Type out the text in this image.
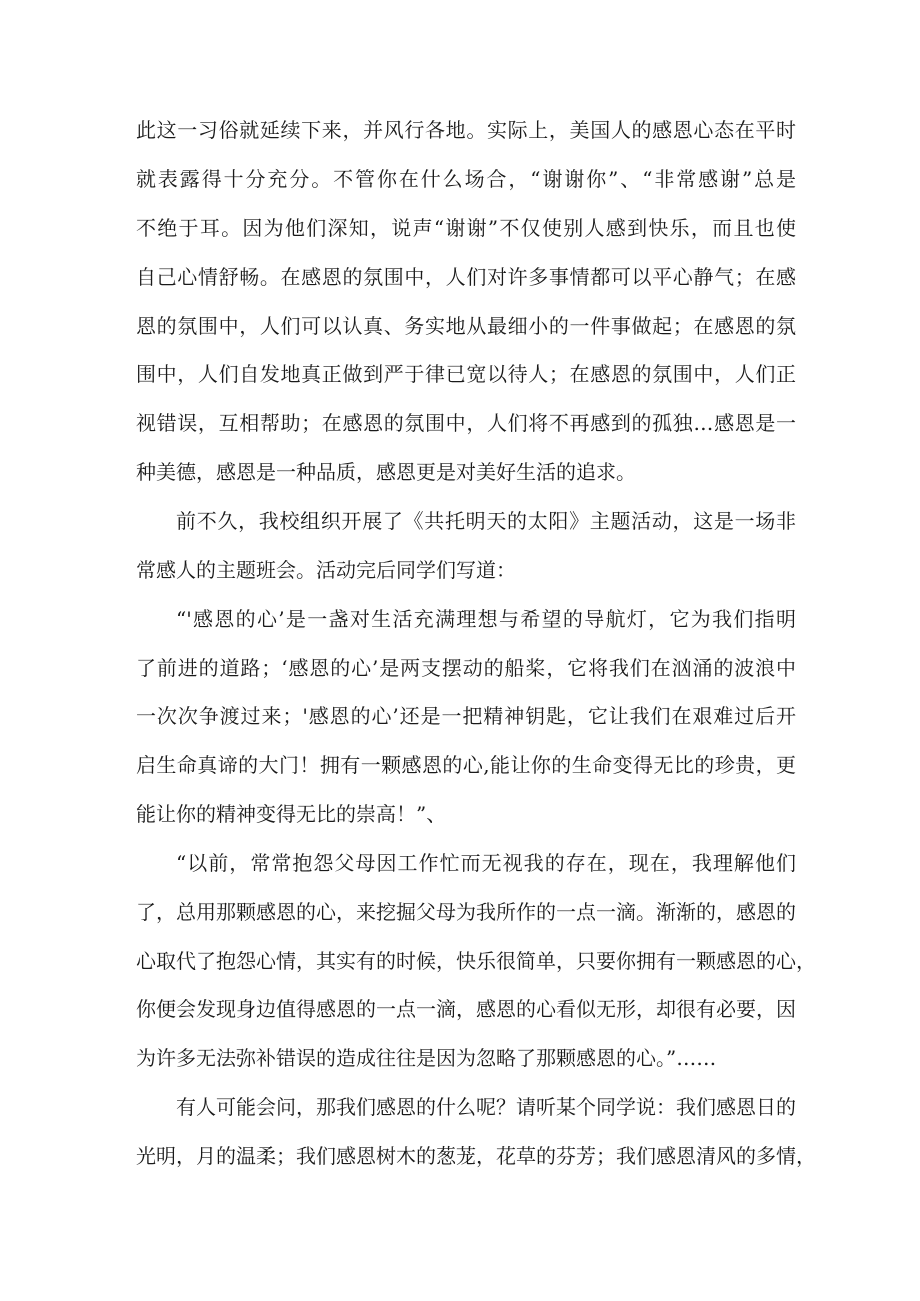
此这一习俗就延续下来，并风行各地。实际上，美国人的感恩心态在平时
就表露得十分充分。不管你在什么场合，“谢谢你”、“非常感谢”总是
不绝于耳。因为他们深知，说声“谢谢”不仅使别人感到快乐，而且也使
自己心情舒畅。在感恩的氛围中，人们对许多事情都可以平心静气；在感
恩的氛围中，人们可以认真、务实地从最细小的一件事做起；在感恩的氛
围中，人们自发地真正做到严于律已宽以待人；在感恩的氛围中，人们正
视错误，互相帮助；在感恩的氛围中，人们将不再感到的孤独…感恩是一
种美德，感恩是一种品质，感恩更是对美好生活的追求。
前不久，我校组织开展了《共托明天的太阳》主题活动，这是一场非
常感人的主题班会。活动完后同学们写道：
“'感恩的心’是一盏对生活充满理想与希望的导航灯，它为我们指明
了前进的道路；‘感恩的心’是两支摆动的船桨，它将我们在汹涌的波浪中
一次次争渡过来；'感恩的心’还是一把精神钥匙，它让我们在艰难过后开
启生命真谛的大门！拥有一颗感恩的心,能让你的生命变得无比的珍贵，更
能让你的精神变得无比的崇高！”、
“以前，常常抱怨父母因工作忙而无视我的存在，现在，我理解他们
了，总用那颗感恩的心，来挖掘父母为我所作的一点一滴。渐渐的，感恩的
心取代了抱怨心情，其实有的时候，快乐很简单，只要你拥有一颗感恩的心，
你便会发现身边值得感恩的一点一滴，感恩的心看似无形，却很有必要，因
为许多无法弥补错误的造成往往是因为忽略了那颗感恩的心。”……
有人可能会问，那我们感恩的什么呢？请听某个同学说：我们感恩日的
光明，月的温柔；我们感恩树木的葱茏，花草的芬芳；我们感恩清风的多情，
